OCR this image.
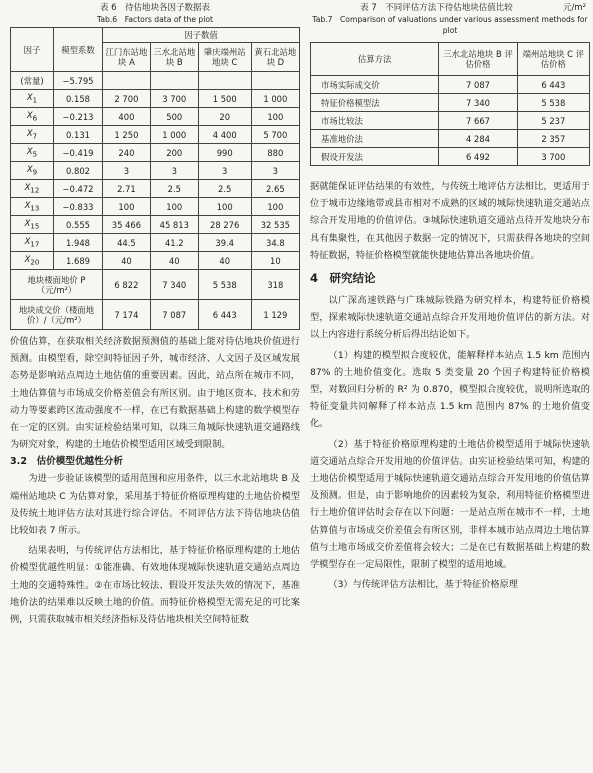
表 6　待估地块各因子数据表
Tab.6　Factors data of the plot
因子	模型系数	因子数值			
		江门东站地块 A	三水北站地块 B	肇庆端州站地块 C	黄石北站地块 D
(常量)	−5.795				
$X_1$	0.158	2 700	3 700	1 500	1 000
$X_6$	−0.213	400	500	20	100
$X_7$	0.131	1 250	1 000	4 400	5 700
$X_5$	−0.419	240	200	990	880
$X_9$	0.802	3	3	3	3
$X_{12}$	−0.472	2.71	2.5	2.5	2.65
$X_{13}$	−0.833	100	100	100	100
$X_{15}$	0.555	35 466	45 813	28 276	32 535
$X_{17}$	1.948	44.5	41.2	39.4	34.8
$X_{20}$	1.689	40	40	40	10
地块楼面地价 P（元/m²）		6 822	7 340	5 538	318
地块成交价（楼面地价）/（元/m²）		7 174	7 087	6 443	1 129

价值估算，在获取相关经济数据预测值的基础上能对待估地块价值进行预测。由模型看，除空间特征因子外，城市经济、人文因子及区域发展态势是影响站点周边土地估值的重要因素。因此，站点所在城市不同，土地估算值与市场成交价格差值会有所区别。由于地区资本、技术和劳动力等要素跨区流动强度不一样，在已有数据基础上构建的数学模型存在一定的区别。由实证检验结果可知，以珠三角城际快速轨道交通路线为研究对象，构建的土地估价模型适用区域受到限制。

3.2　估价模型优越性分析

为进一步验证该模型的适用范围和应用条件，以三水北站地块 B 及端州站地块 C 为估算对象，采用基于特征价格原理构建的土地估价模型及传统土地评估方法对其进行综合评估。不同评估方法下待估地块估值比较如表 7 所示。

结果表明，与传统评估方法相比，基于特征价格原理构建的土地估价模型优越性明显：①能准确、有效地体现城际快速轨道交通站点周边土地的交通特殊性。②在市场比较法、假设开发法失效的情况下，基准地价法的结果难以反映土地的价值。而特征价格模型无需充足的可比案例，只需获取城市相关经济指标及待估地块相关空间特征数

表 7　不同评估方法下待估地块估值比较	元/m²
Tab.7　Comparison of valuations under various assessment methods for plot
估算方法	三水北站地块 B 评估价格	端州站地块 C 评估价格
市场实际成交价	7 087	6 443
特征价格模型法	7 340	5 538
市场比较法	7 667	5 237
基准地价法	4 284	2 357
假设开发法	6 492	3 700

据就能保证评估结果的有效性，与传统土地评估方法相比，更适用于位于城市边缘地带或县市相对不成熟的区域的城际快速轨道交通站点综合开发用地的价值评估。③城际快速轨道交通站点待开发地块分布具有集聚性，在其他因子数据一定的情况下，只需获得各地块的空间特征数据，特征价格模型就能快捷地估算出各地块价值。

4　研究结论

以广深高速铁路与广珠城际铁路为研究样本，构建特征价格模型，探索城际快速轨道交通站点综合开发用地价值评估的新方法。对以上内容进行系统分析后得出结论如下。

（1）构建的模型拟合度较优，能解释样本站点 1.5 km 范围内 87% 的土地价值变化。选取 5 类变量 20 个因子构建特征价格模型，对数回归分析的 R² 为 0.870，模型拟合度较优，说明所选取的特征变量共同解释了样本站点 1.5 km 范围内 87% 的土地价值变化。

（2）基于特征价格原理构建的土地估价模型适用于城际快速轨道交通站点综合开发用地的价值评估。由实证检验结果可知，构建的土地估价模型适用于城际快速轨道交通站点综合开发用地的价值估算及预测。但是，由于影响地价的因素较为复杂，利用特征价格模型进行土地价值评估时会存在以下问题：一是站点所在城市不一样，土地估算值与市场成交价差值会有所区别，非样本城市站点周边土地估算值与土地市场成交价差值将会较大；二是在已有数据基础上构建的数学模型存在一定局限性，限制了模型的适用地域。

（3）与传统评估方法相比，基于特征价格原理
